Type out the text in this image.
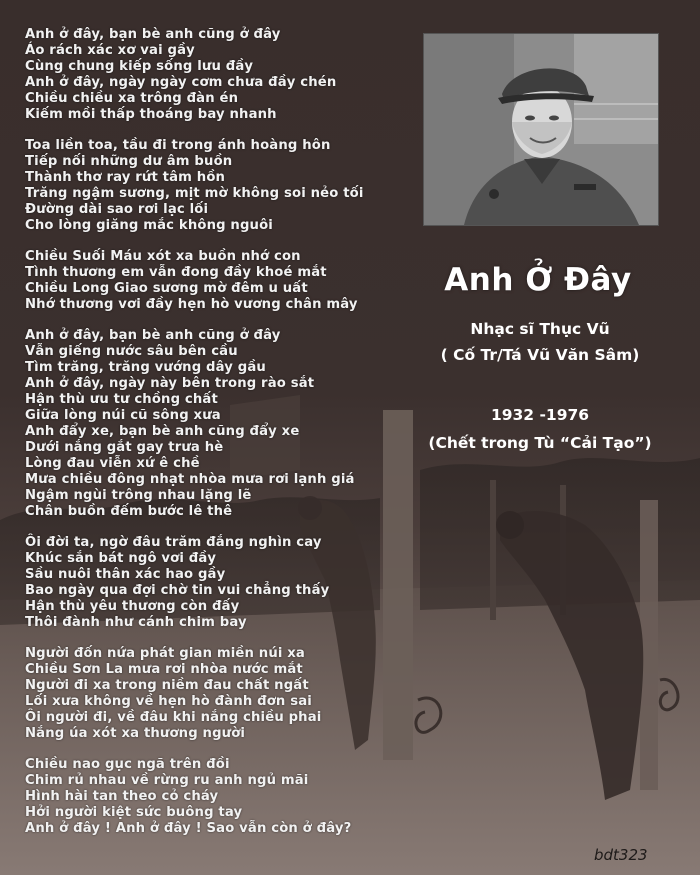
Anh ở đây, bạn bè anh cũng ở đây
Áo rách xác xơ vai gầy
Cùng chung kiếp sống lưu đầy
Anh ở đây, ngày ngày cơm chưa đầy chén
Chiều chiều xa trông đàn én
Kiếm mồi thấp thoáng bay nhanh
Toa liền toa, tầu đi trong ánh hoàng hôn
Tiếp nối những dư âm buồn
Thành thơ ray rứt tâm hồn
Trăng ngậm sương, mịt mờ không soi nẻo tối
Đường dài sao rơi lạc lối
Cho lòng giăng mắc không nguôi
Chiều Suối Máu xót xa buồn nhớ con
Tình thương em vẫn đong đầy khoé mắt
Chiều Long Giao sương mờ đêm u uất
Nhớ thương vơi đầy hẹn hò vương chân mây
Anh ở đây, bạn bè anh cũng ở đây
Vẫn giếng nước sâu bên cầu
Tìm trăng, trăng vướng dây gầu
Anh ở đây, ngày này bên trong rào sắt
Hận thù ưu tư chồng chất
Giữa lòng núi cũ sông xưa
Anh đẩy xe, bạn bè anh cũng đẩy xe
Dưới nắng gắt gay trưa hè
Lòng đau viễn xứ ê chề
Mưa chiều đông nhạt nhòa mưa rơi lạnh giá
Ngậm ngùi trông nhau lặng lẽ
Chân buồn đếm bước lê thê
Ôi đời ta, ngờ đâu trăm đắng nghìn cay
Khúc sắn bát ngô vơi đầy
Sầu nuôi thân xác hao gầy
Bao ngày qua đợi chờ tin vui chẳng thấy
Hận thù yêu thương còn đấy
Thôi đành như cánh chim bay
Người đốn nứa phát gian miền núi xa
Chiều Sơn La mưa rơi nhòa nước mắt
Người đi xa trong niềm đau chất ngất
Lối xưa không về hẹn hò đành đơn sai
Ôi người đi, về đâu khi nắng chiều phai
Nắng úa xót xa thương người
Chiều nao gục ngã trên đồi
Chim rủ nhau về rừng ru anh ngủ mãi
Hình hài tan theo cỏ cháy
Hởi người kiệt sức buông tay
Anh ở đây ! Anh ở đây ! Sao vẫn còn ở đây?
Anh Ở Đây
Nhạc sĩ Thục Vũ
( Cố Tr/Tá Vũ Văn Sâm)
1932 -1976
(Chết trong Tù “Cải Tạo”)
bdt323
